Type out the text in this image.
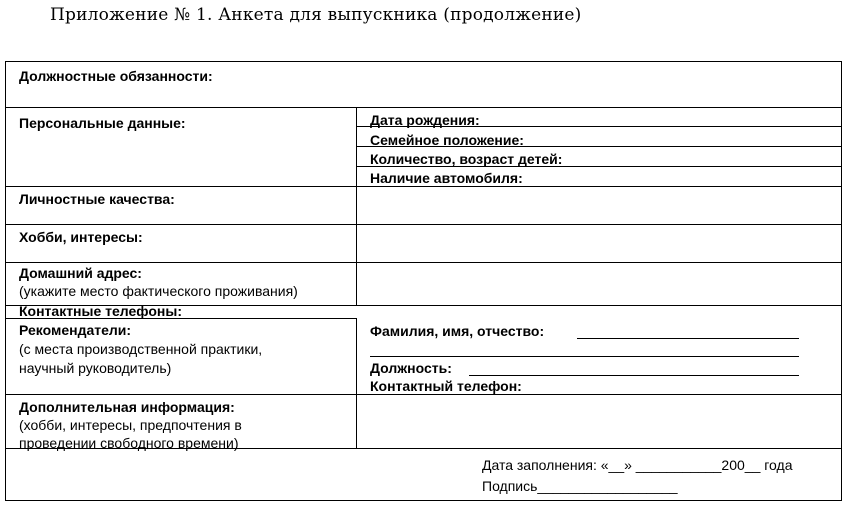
Приложение № 1. Анкета для выпускника (продолжение)
Должностные обязанности:
Персональные данные:	Дата рождения:
Семейное положение:
Количество, возраст детей:
Наличие автомобиля:
Личностные качества:
Хобби, интересы:
Домашний адрес:
(укажите место фактического проживания)
Контактные телефоны:
Рекомендатели:
(с места производственной практики,
научный руководитель)
Фамилия, имя, отчество:
Должность:
Контактный телефон:
Дополнительная информация:
(хобби, интересы, предпочтения в
проведении свободного времени)
Дата заполнения: «__» ___________200__ года
Подпись__________________
